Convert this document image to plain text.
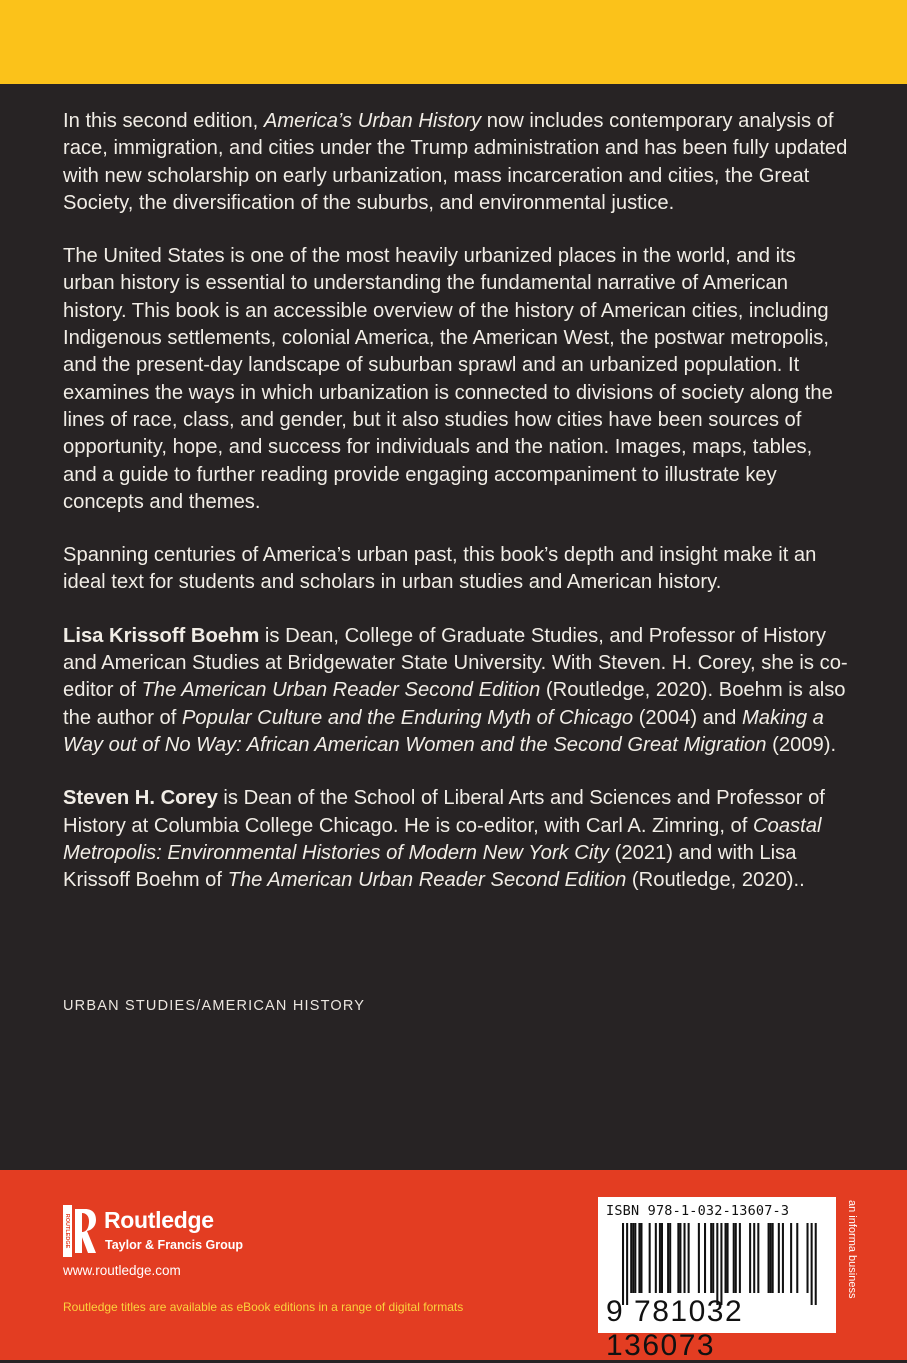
In this second edition, America’s Urban History now includes contemporary analysis of race, immigration, and cities under the Trump administration and has been fully updated with new scholarship on early urbanization, mass incarceration and cities, the Great Society, the diversification of the suburbs, and environmental justice.

The United States is one of the most heavily urbanized places in the world, and its urban history is essential to understanding the fundamental narrative of American history. This book is an accessible overview of the history of American cities, including Indigenous settlements, colonial America, the American West, the postwar metropolis, and the present-day landscape of suburban sprawl and an urbanized population. It examines the ways in which urbanization is connected to divisions of society along the lines of race, class, and gender, but it also studies how cities have been sources of opportunity, hope, and success for individuals and the nation. Images, maps, tables, and a guide to further reading provide engaging accompaniment to illustrate key concepts and themes.

Spanning centuries of America’s urban past, this book’s depth and insight make it an ideal text for students and scholars in urban studies and American history.

Lisa Krissoff Boehm is Dean, College of Graduate Studies, and Professor of History and American Studies at Bridgewater State University. With Steven. H. Corey, she is co-editor of The American Urban Reader Second Edition (Routledge, 2020). Boehm is also the author of Popular Culture and the Enduring Myth of Chicago (2004) and Making a Way out of No Way: African American Women and the Second Great Migration (2009).

Steven H. Corey is Dean of the School of Liberal Arts and Sciences and Professor of History at Columbia College Chicago. He is co-editor, with Carl A. Zimring, of Coastal Metropolis: Environmental Histories of Modern New York City (2021) and with Lisa Krissoff Boehm of The American Urban Reader Second Edition (Routledge, 2020)..

URBAN STUDIES/AMERICAN HISTORY
ROUTLEDGE Routledge
Taylor & Francis Group
www.routledge.com
Routledge titles are available as eBook editions in a range of digital formats
ISBN 978-1-032-13607-3
9 781032 136073
an informa business
